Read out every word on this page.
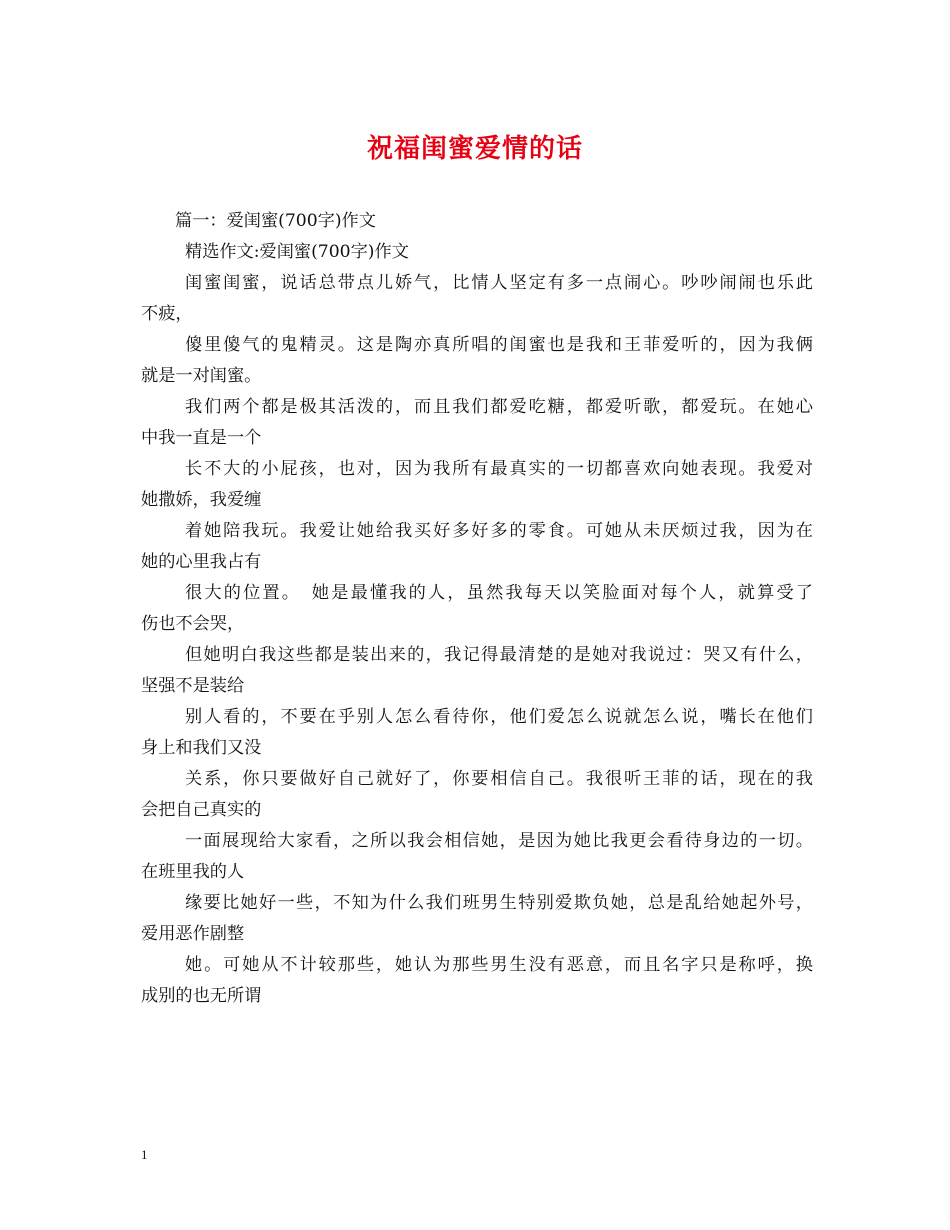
祝福闺蜜爱情的话
篇一：爱闺蜜(700字)作文
精选作文:爱闺蜜(700字)作文
闺蜜闺蜜，说话总带点儿娇气，比情人坚定有多一点闹心。吵吵闹闹也乐此
不疲，
傻里傻气的鬼精灵。这是陶亦真所唱的闺蜜也是我和王菲爱听的，因为我俩
就是一对闺蜜。
我们两个都是极其活泼的，而且我们都爱吃糖，都爱听歌，都爱玩。在她心
中我一直是一个
长不大的小屁孩，也对，因为我所有最真实的一切都喜欢向她表现。我爱对
她撒娇，我爱缠
着她陪我玩。我爱让她给我买好多好多的零食。可她从未厌烦过我，因为在
她的心里我占有
很大的位置。　她是最懂我的人，虽然我每天以笑脸面对每个人，就算受了
伤也不会哭，
但她明白我这些都是装出来的，我记得最清楚的是她对我说过：哭又有什么，
坚强不是装给
别人看的，不要在乎别人怎么看待你，他们爱怎么说就怎么说，嘴长在他们
身上和我们又没
关系，你只要做好自己就好了，你要相信自己。我很听王菲的话，现在的我
会把自己真实的
一面展现给大家看，之所以我会相信她，是因为她比我更会看待身边的一切。
在班里我的人
缘要比她好一些，不知为什么我们班男生特别爱欺负她，总是乱给她起外号，
爱用恶作剧整
她。可她从不计较那些，她认为那些男生没有恶意，而且名字只是称呼，换
成别的也无所谓
1
